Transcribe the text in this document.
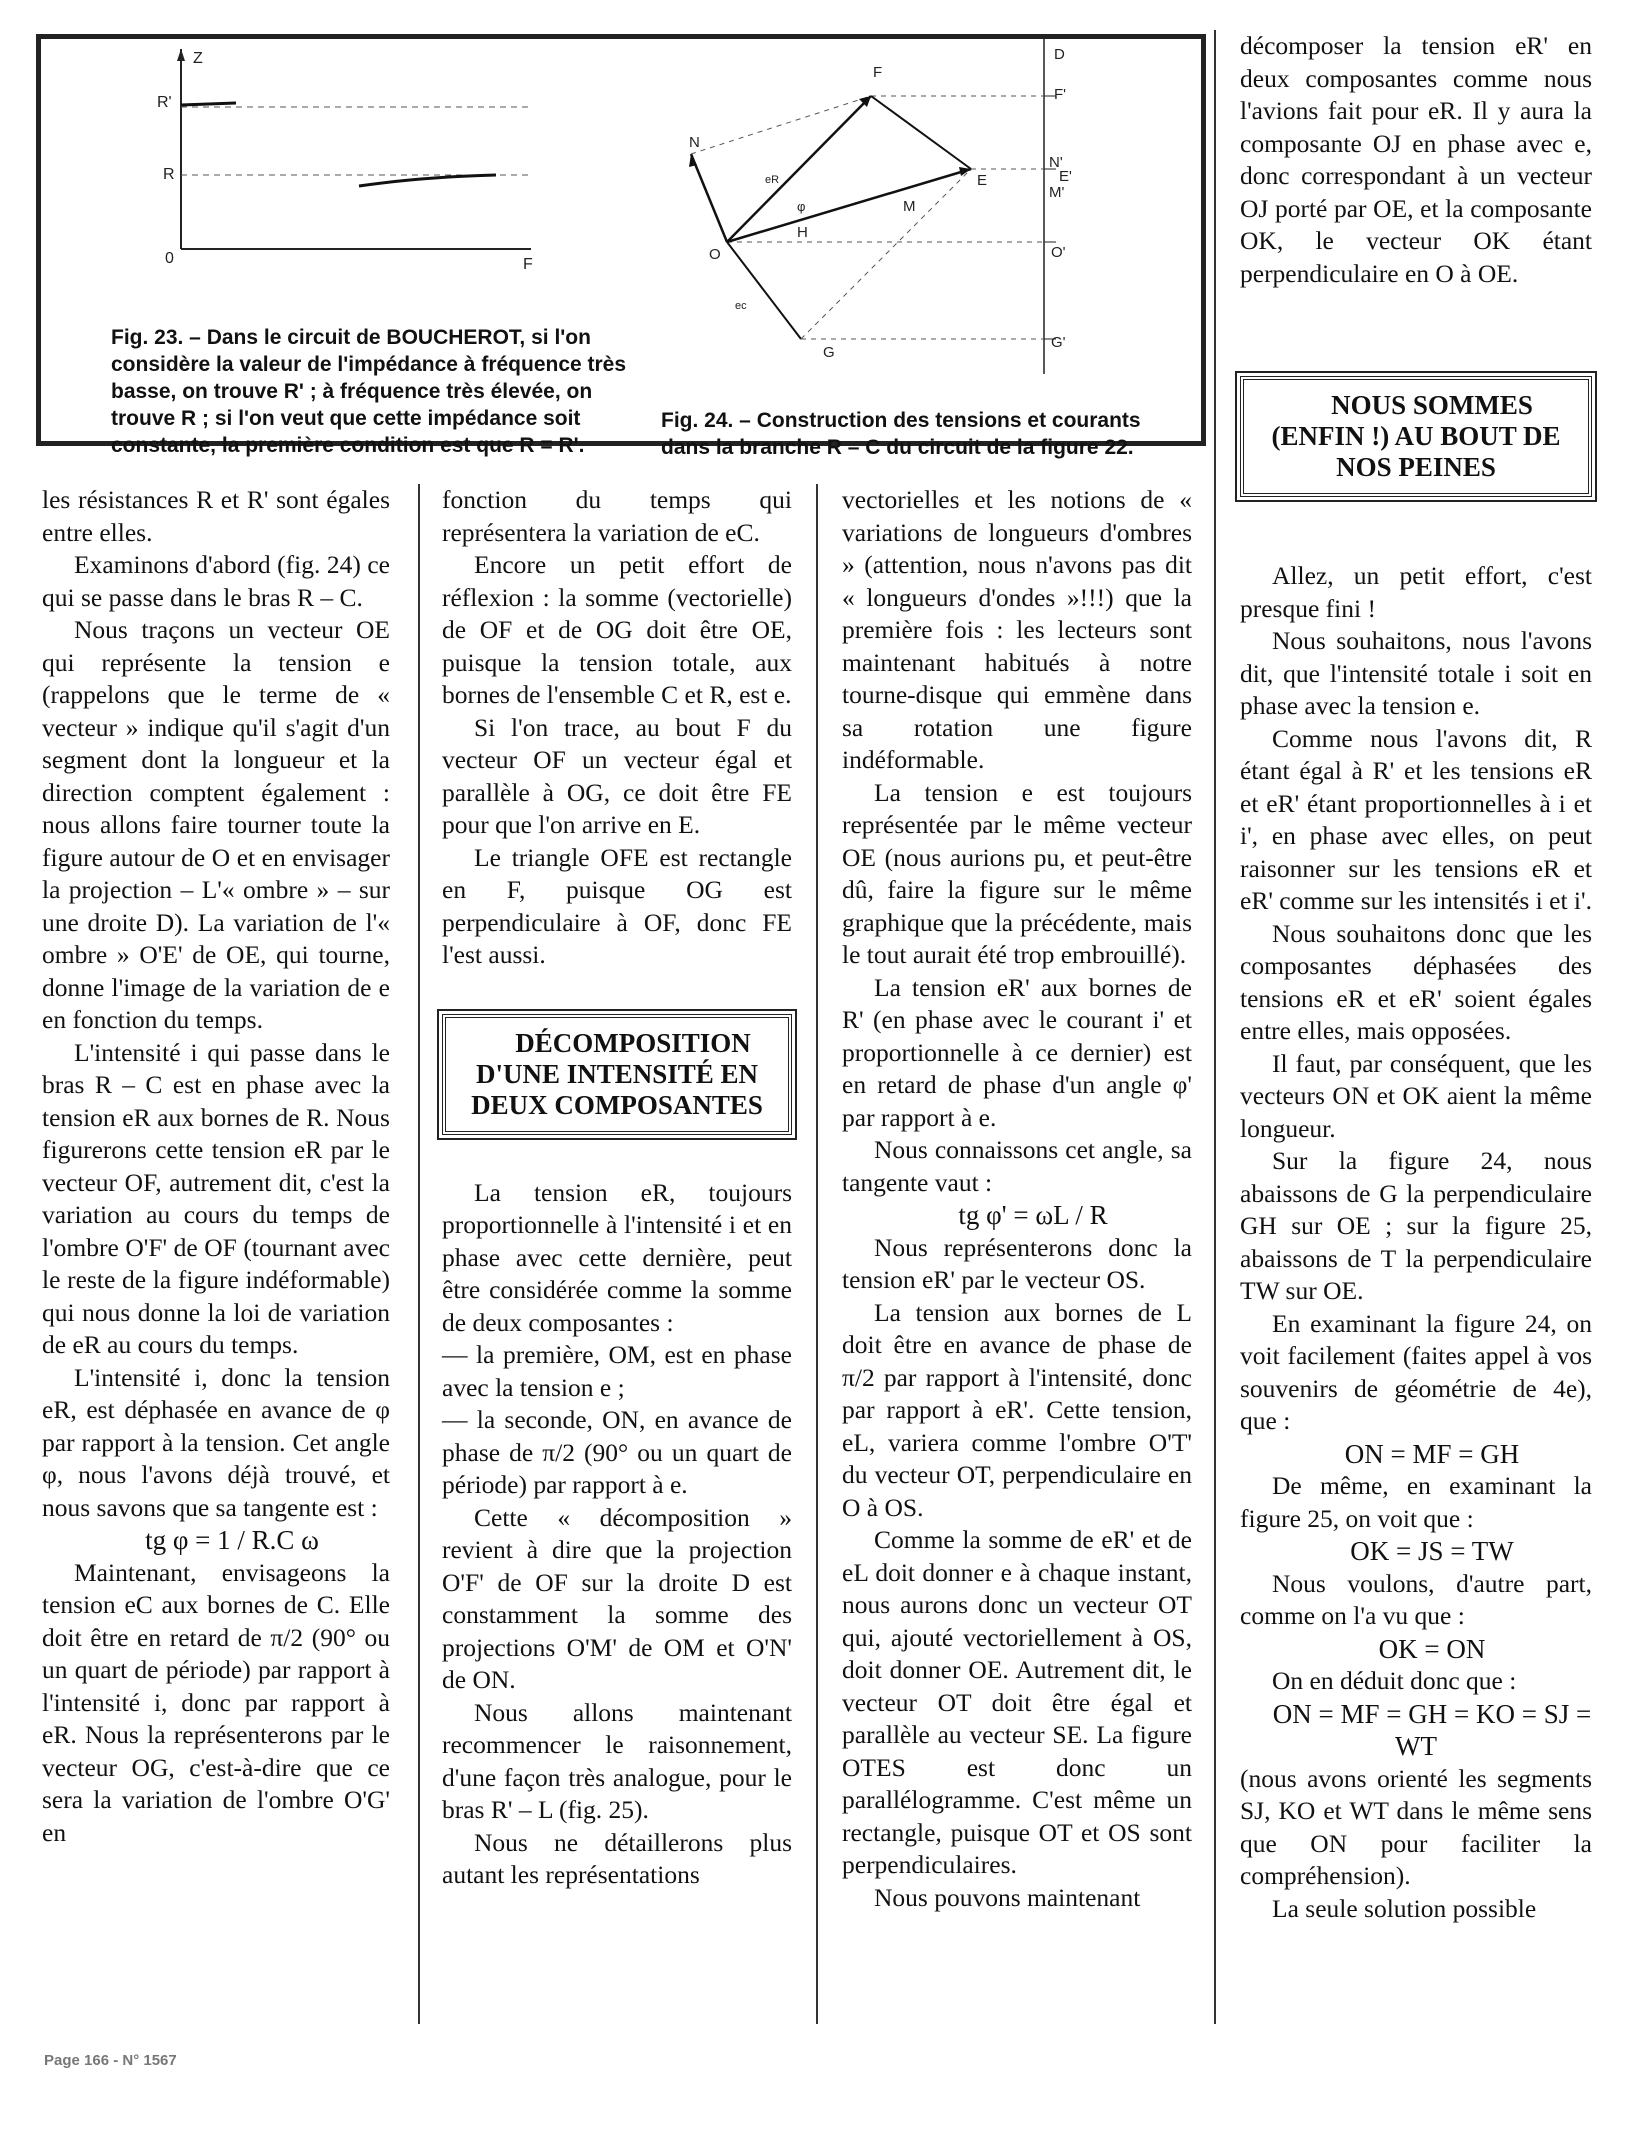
Z
R'
R
0	F
D
F'
N'
E'
M'
O'
G'
F
N
E
M
H
O
G
eR
ec
φ
Fig. 23. – Dans le circuit de BOUCHEROT, si l'on considère la valeur de l'impédance à fréquence très basse, on trouve R' ; à fréquence très élevée, on trouve R ; si l'on veut que cette impédance soit constante, la première condition est que R = R'.
Fig. 24. – Construction des tensions et courants dans la branche R – C du circuit de la figure 22.

les résistances R et R' sont égales entre elles.

Examinons d'abord (fig. 24) ce qui se passe dans le bras R – C.

Nous traçons un vecteur OE qui représente la tension e (rappelons que le terme de « vecteur » indique qu'il s'agit d'un segment dont la longueur et la direction comptent également : nous allons faire tourner toute la figure autour de O et en envisager la projection – L'« ombre » – sur une droite D). La variation de l'« ombre » O'E' de OE, qui tourne, donne l'image de la variation de e en fonction du temps.

L'intensité i qui passe dans le bras R – C est en phase avec la tension eR aux bornes de R. Nous figurerons cette tension eR par le vecteur OF, autrement dit, c'est la variation au cours du temps de l'ombre O'F' de OF (tournant avec le reste de la figure indéformable) qui nous donne la loi de variation de eR au cours du temps.

L'intensité i, donc la tension eR, est déphasée en avance de φ par rapport à la tension. Cet angle φ, nous l'avons déjà trouvé, et nous savons que sa tangente est :

tg φ = 1 / R.C ω

Maintenant, envisageons la tension eC aux bornes de C. Elle doit être en retard de π/2 (90° ou un quart de période) par rapport à l'intensité i, donc par rapport à eR. Nous la représenterons par le vecteur OG, c'est-à-dire que ce sera la variation de l'ombre O'G' en

fonction du temps qui représentera la variation de eC.

Encore un petit effort de réflexion : la somme (vectorielle) de OF et de OG doit être OE, puisque la tension totale, aux bornes de l'ensemble C et R, est e.

Si l'on trace, au bout F du vecteur OF un vecteur égal et parallèle à OG, ce doit être FE pour que l'on arrive en E.

Le triangle OFE est rectangle en F, puisque OG est perpendiculaire à OF, donc FE l'est aussi.

DÉCOMPOSITION D'UNE INTENSITÉ EN DEUX COMPOSANTES

La tension eR, toujours proportionnelle à l'intensité i et en phase avec cette dernière, peut être considérée comme la somme de deux composantes :

— la première, OM, est en phase avec la tension e ;

— la seconde, ON, en avance de phase de π/2 (90° ou un quart de période) par rapport à e.

Cette « décomposition » revient à dire que la projection O'F' de OF sur la droite D est constamment la somme des projections O'M' de OM et O'N' de ON.

Nous allons maintenant recommencer le raisonnement, d'une façon très analogue, pour le bras R' – L (fig. 25).

Nous ne détaillerons plus autant les représentations

vectorielles et les notions de « variations de longueurs d'ombres » (attention, nous n'avons pas dit « longueurs d'ondes »!!!) que la première fois : les lecteurs sont maintenant habitués à notre tourne-disque qui emmène dans sa rotation une figure indéformable.

La tension e est toujours représentée par le même vecteur OE (nous aurions pu, et peut-être dû, faire la figure sur le même graphique que la précédente, mais le tout aurait été trop embrouillé).

La tension eR' aux bornes de R' (en phase avec le courant i' et proportionnelle à ce dernier) est en retard de phase d'un angle φ' par rapport à e.

Nous connaissons cet angle, sa tangente vaut :

tg φ' = ωL / R

Nous représenterons donc la tension eR' par le vecteur OS.

La tension aux bornes de L doit être en avance de phase de π/2 par rapport à l'intensité, donc par rapport à eR'. Cette tension, eL, variera comme l'ombre O'T' du vecteur OT, perpendiculaire en O à OS.

Comme la somme de eR' et de eL doit donner e à chaque instant, nous aurons donc un vecteur OT qui, ajouté vectoriellement à OS, doit donner OE. Autrement dit, le vecteur OT doit être égal et parallèle au vecteur SE. La figure OTES est donc un parallélogramme. C'est même un rectangle, puisque OT et OS sont perpendiculaires.

Nous pouvons maintenant

décomposer la tension eR' en deux composantes comme nous l'avions fait pour eR. Il y aura la composante OJ en phase avec e, donc correspondant à un vecteur OJ porté par OE, et la composante OK, le vecteur OK étant perpendiculaire en O à OE.

NOUS SOMMES (ENFIN !) AU BOUT DE NOS PEINES

Allez, un petit effort, c'est presque fini !

Nous souhaitons, nous l'avons dit, que l'intensité totale i soit en phase avec la tension e.

Comme nous l'avons dit, R étant égal à R' et les tensions eR et eR' étant proportionnelles à i et i', en phase avec elles, on peut raisonner sur les tensions eR et eR' comme sur les intensités i et i'.

Nous souhaitons donc que les composantes déphasées des tensions eR et eR' soient égales entre elles, mais opposées.

Il faut, par conséquent, que les vecteurs ON et OK aient la même longueur.

Sur la figure 24, nous abaissons de G la perpendiculaire GH sur OE ; sur la figure 25, abaissons de T la perpendiculaire TW sur OE.

En examinant la figure 24, on voit facilement (faites appel à vos souvenirs de géométrie de 4e), que :

ON = MF = GH

De même, en examinant la figure 25, on voit que :

OK = JS = TW

Nous voulons, d'autre part, comme on l'a vu que :

OK = ON

On en déduit donc que :

ON = MF = GH = KO = SJ = WT

(nous avons orienté les segments SJ, KO et WT dans le même sens que ON pour faciliter la compréhension).

La seule solution possible

Page 166 - N° 1567
